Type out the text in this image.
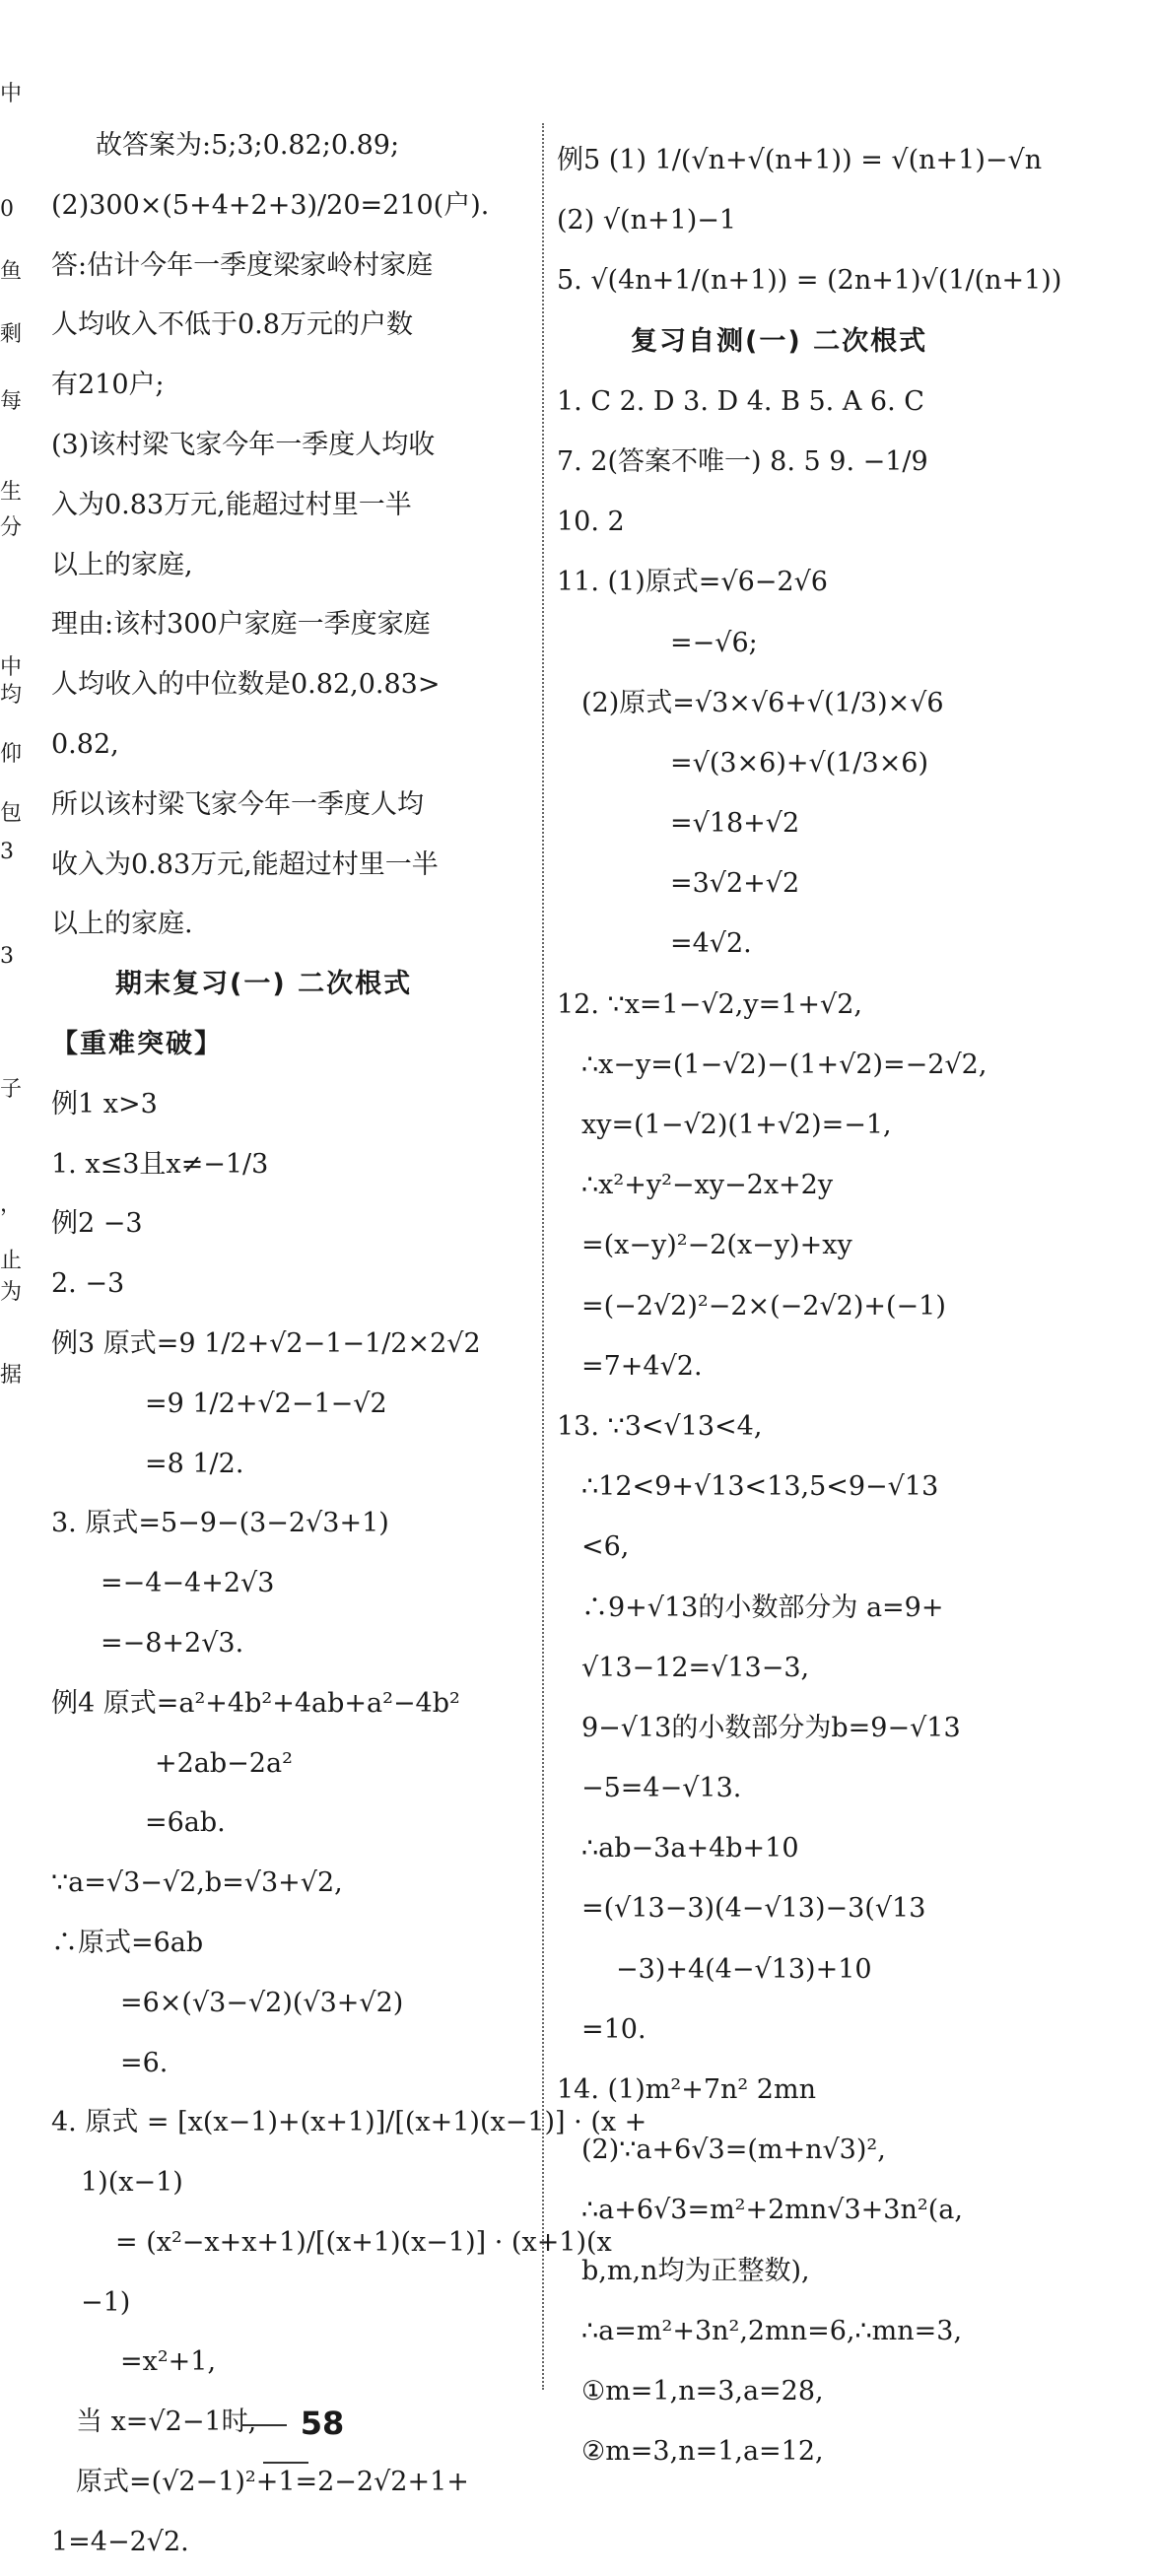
中
0
鱼
剩
每
生
分
中
均
仰
包
3
3
子
，
止
为
据
故答案为:5;3;0.82;0.89;
(2)300×(5+4+2+3)/20=210(户).
答:估计今年一季度梁家岭村家庭
人均收入不低于0.8万元的户数
有210户;
(3)该村梁飞家今年一季度人均收
入为0.83万元,能超过村里一半
以上的家庭,
理由:该村300户家庭一季度家庭
人均收入的中位数是0.82,0.83>
0.82,
所以该村梁飞家今年一季度人均
收入为0.83万元,能超过村里一半
以上的家庭.
期末复习(一) 二次根式
【重难突破】
例1 x>3
1. x≤3且x≠−1/3
例2 −3
2. −3
例3 原式=9 1/2+√2−1−1/2×2√2
=9 1/2+√2−1−√2
=8 1/2.
3. 原式=5−9−(3−2√3+1)
=−4−4+2√3
=−8+2√3.
例4 原式=a²+4b²+4ab+a²−4b²
+2ab−2a²
=6ab.
∵a=√3−√2,b=√3+√2,
∴原式=6ab
=6×(√3−√2)(√3+√2)
=6.
4. 原式 = [x(x−1)+(x+1)]/[(x+1)(x−1)] · (x +
1)(x−1)
= (x²−x+x+1)/[(x+1)(x−1)] · (x+1)(x
−1)
=x²+1,
当 x=√2−1时,
原式=(√2−1)²+1=2−2√2+1+
1=4−2√2.
例5 (1) 1/(√n+√(n+1)) = √(n+1)−√n
(2) √(n+1)−1
5. √(4n+1/(n+1)) = (2n+1)√(1/(n+1))
复习自测(一) 二次根式
1. C 2. D 3. D 4. B 5. A 6. C
7. 2(答案不唯一) 8. 5 9. −1/9
10. 2
11. (1)原式=√6−2√6
=−√6;
(2)原式=√3×√6+√(1/3)×√6
=√(3×6)+√(1/3×6)
=√18+√2
=3√2+√2
=4√2.
12. ∵x=1−√2,y=1+√2,
∴x−y=(1−√2)−(1+√2)=−2√2,
xy=(1−√2)(1+√2)=−1,
∴x²+y²−xy−2x+2y
=(x−y)²−2(x−y)+xy
=(−2√2)²−2×(−2√2)+(−1)
=7+4√2.
13. ∵3<√13<4,
∴12<9+√13<13,5<9−√13
<6,
∴9+√13的小数部分为 a=9+
√13−12=√13−3,
9−√13的小数部分为b=9−√13
−5=4−√13.
∴ab−3a+4b+10
=(√13−3)(4−√13)−3(√13
−3)+4(4−√13)+10
=10.
14. (1)m²+7n² 2mn
(2)∵a+6√3=(m+n√3)²,
∴a+6√3=m²+2mn√3+3n²(a,
b,m,n均为正整数),
∴a=m²+3n²,2mn=6,∴mn=3,
①m=1,n=3,a=28,
②m=3,n=1,a=12,
58
